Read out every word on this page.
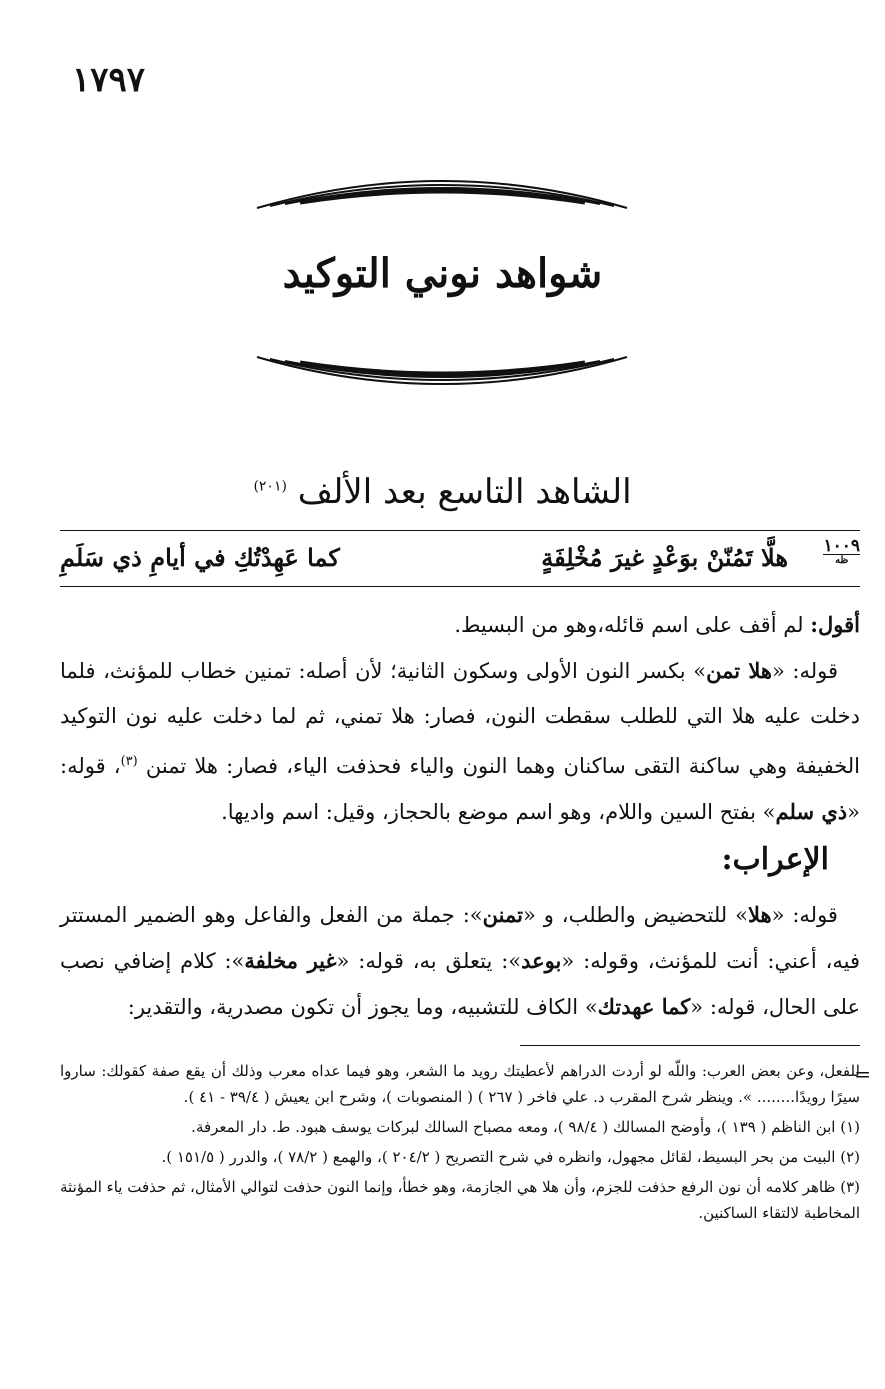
١٧٩٧
شواهد نوني التوكيد
الشاهد التاسع بعد الألف $^{(٢٠١)}$
١٠٠٩
ظه
هلَّا تَمُنّنْ بوَعْدٍ غيرَ مُخْلِفَةٍ
كما عَهِدْتُكِ في أيامِ ذي سَلَمِ
أقول: لم أقف على اسم قائله،وهو من البسيط.
قوله: «هلا تمن» بكسر النون الأولى وسكون الثانية؛ لأن أصله: تمنين خطاب للمؤنث، فلما دخلت عليه هلا التي للطلب سقطت النون، فصار: هلا تمني، ثم لما دخلت عليه نون التوكيد الخفيفة وهي ساكنة التقى ساكنان وهما النون والياء فحذفت الياء، فصار: هلا تمنن $^{(٣)}$، قوله: «ذي سلم» بفتح السين واللام، وهو اسم موضع بالحجاز، وقيل: اسم واديها.
الإعراب:
قوله: «هلا» للتحضيض والطلب، و «تمنن»: جملة من الفعل والفاعل وهو الضمير المستتر فيه، أعني: أنت للمؤنث، وقوله: «بوعد»: يتعلق به، قوله: «غير مخلفة»: كلام إضافي نصب على الحال، قوله: «كما عهدتك» الكاف للتشبيه، وما يجوز أن تكون مصدرية، والتقدير:
=

للفعل، وعن بعض العرب: واللّه لو أردت الدراهم لأعطيتك رويد ما الشعر، وهو فيما عداه معرب وذلك أن يقع صفة كقولك: ساروا سيرًا رويدًا........ ». وينظر شرح المقرب د. علي فاخر ( ٢٦٧ ) ( المنصوبات )، وشرح ابن يعيش ( ٣٩/٤ - ٤١ ).

(١) ابن الناظم ( ١٣٩ )، وأوضح المسالك ( ٩٨/٤ )، ومعه مصباح السالك لبركات يوسف هبود. ط. دار المعرفة.

(٢) البيت من بحر البسيط، لقائل مجهول، وانظره في شرح التصريح ( ٢٠٤/٢ )، والهمع ( ٧٨/٢ )، والدرر ( ١٥١/٥ ).

(٣) ظاهر كلامه أن نون الرفع حذفت للجزم، وأن هلا هي الجازمة، وهو خطأ، وإنما النون حذفت لتوالي الأمثال، ثم حذفت ياء المؤنثة المخاطبة لالتقاء الساكنين.
